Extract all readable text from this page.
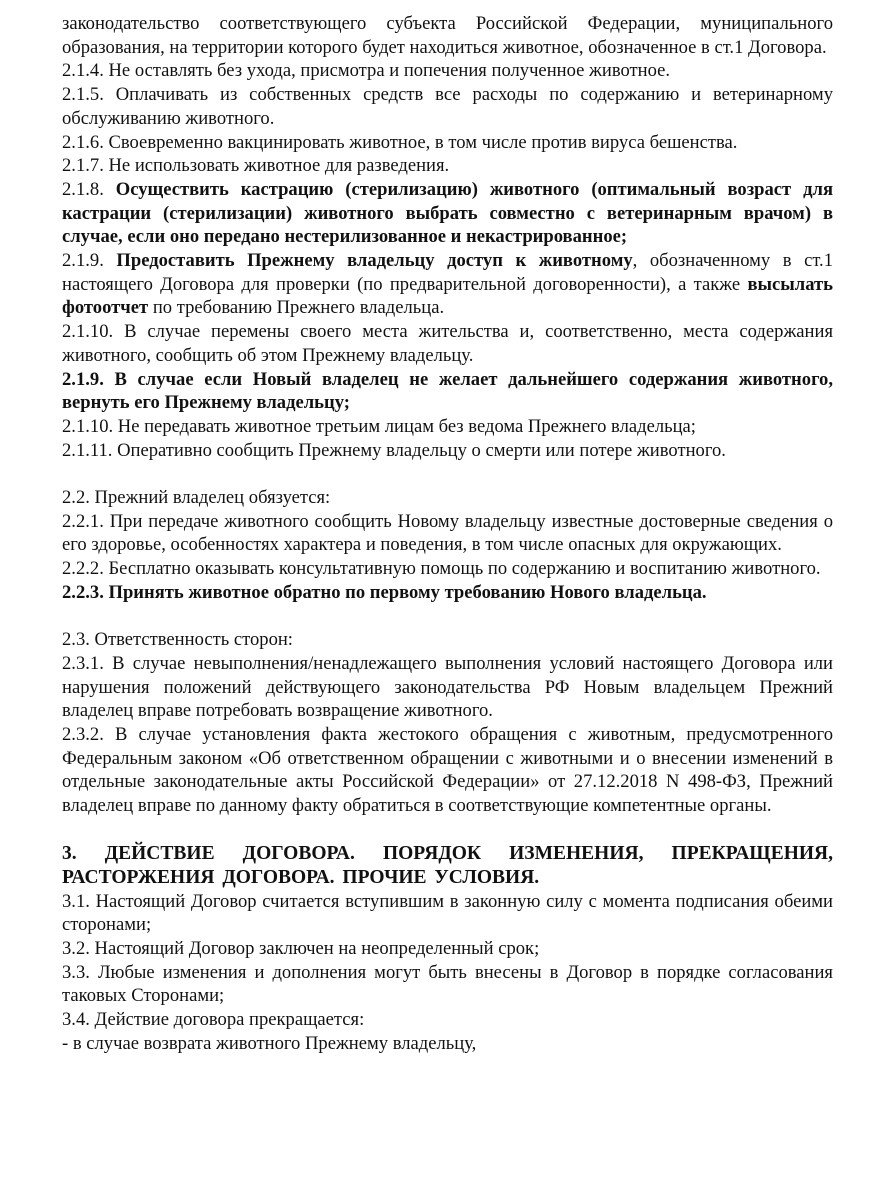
законодательство соответствующего субъекта Российской Федерации, муниципального образования, на территории которого будет находиться животное, обозначенное в ст.1 Договора.

2.1.4. Не оставлять без ухода, присмотра и попечения полученное животное.

2.1.5. Оплачивать из собственных средств все расходы по содержанию и ветеринарному обслуживанию животного.

2.1.6. Своевременно вакцинировать животное, в том числе против вируса бешенства.

2.1.7. Не использовать животное для разведения.

2.1.8. Осуществить кастрацию (стерилизацию) животного (оптимальный возраст для кастрации (стерилизации) животного выбрать совместно с ветеринарным врачом) в случае, если оно передано нестерилизованное и некастрированное;

2.1.9. Предоставить Прежнему владельцу доступ к животному, обозначенному в ст.1 настоящего Договора для проверки (по предварительной договоренности), а также высылать фотоотчет по требованию Прежнего владельца.

2.1.10. В случае перемены своего места жительства и, соответственно, места содержания животного, сообщить об этом Прежнему владельцу.

2.1.9. В случае если Новый владелец не желает дальнейшего содержания животного, вернуть его Прежнему владельцу;

2.1.10. Не передавать животное третьим лицам без ведома Прежнего владельца;

2.1.11. Оперативно сообщить Прежнему владельцу о смерти или потере животного.

2.2. Прежний владелец обязуется:

2.2.1. При передаче животного сообщить Новому владельцу известные достоверные сведения о его здоровье, особенностях характера и поведения, в том числе опасных для окружающих.

2.2.2. Бесплатно оказывать консультативную помощь по содержанию и воспитанию животного.

2.2.3. Принять животное обратно по первому требованию Нового владельца.

2.3. Ответственность сторон:

2.3.1. В случае невыполнения/ненадлежащего выполнения условий настоящего Договора или нарушения положений действующего законодательства РФ Новым владельцем Прежний владелец вправе потребовать возвращение животного.

2.3.2. В случае установления факта жестокого обращения с животным, предусмотренного Федеральным законом «Об ответственном обращении с животными и о внесении изменений в отдельные законодательные акты Российской Федерации» от 27.12.2018 N 498-ФЗ, Прежний владелец вправе по данному факту обратиться в соответствующие компетентные органы.

3. ДЕЙСТВИЕ ДОГОВОРА. ПОРЯДОК ИЗМЕНЕНИЯ, ПРЕКРАЩЕНИЯ, РАСТОРЖЕНИЯ ДОГОВОРА. ПРОЧИЕ УСЛОВИЯ.

3.1. Настоящий Договор считается вступившим в законную силу с момента подписания обеими сторонами;

3.2. Настоящий Договор заключен на неопределенный срок;

3.3. Любые изменения и дополнения могут быть внесены в Договор в порядке согласования таковых Сторонами;

3.4. Действие договора прекращается:

- в случае возврата животного Прежнему владельцу,
